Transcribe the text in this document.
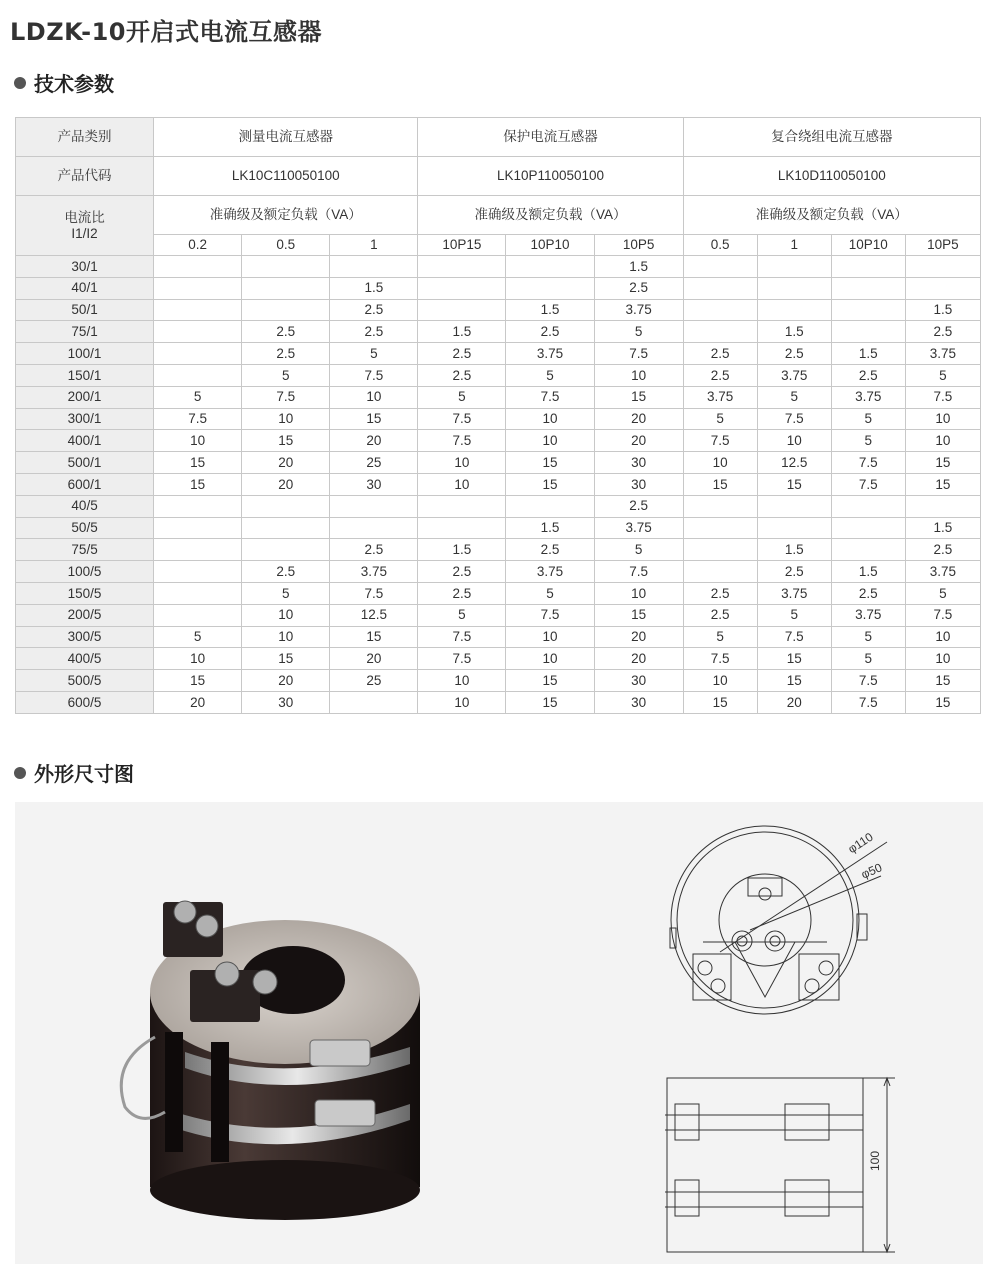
LDZK-10开启式电流互感器
技术参数
产品类别	测量电流互感器			保护电流互感器			复合绕组电流互感器			
产品代码	LK10C110050100			LK10P110050100			LK10D110050100			
电流比
I1/I2	准确级及额定负载（VA）			准确级及额定负载（VA）			准确级及额定负载（VA）			
	0.2	0.5	1	10P15	10P10	10P5	0.5	1	10P10	10P5
30/1						1.5				
40/1			1.5			2.5				
50/1			2.5		1.5	3.75				1.5
75/1		2.5	2.5	1.5	2.5	5		1.5		2.5
100/1		2.5	5	2.5	3.75	7.5	2.5	2.5	1.5	3.75
150/1		5	7.5	2.5	5	10	2.5	3.75	2.5	5
200/1	5	7.5	10	5	7.5	15	3.75	5	3.75	7.5
300/1	7.5	10	15	7.5	10	20	5	7.5	5	10
400/1	10	15	20	7.5	10	20	7.5	10	5	10
500/1	15	20	25	10	15	30	10	12.5	7.5	15
600/1	15	20	30	10	15	30	15	15	7.5	15
40/5						2.5				
50/5					1.5	3.75				1.5
75/5			2.5	1.5	2.5	5		1.5		2.5
100/5		2.5	3.75	2.5	3.75	7.5		2.5	1.5	3.75
150/5		5	7.5	2.5	5	10	2.5	3.75	2.5	5
200/5		10	12.5	5	7.5	15	2.5	5	3.75	7.5
300/5	5	10	15	7.5	10	20	5	7.5	5	10
400/5	10	15	20	7.5	10	20	7.5	15	5	10
500/5	15	20	25	10	15	30	10	15	7.5	15
600/5	20	30		10	15	30	15	20	7.5	15
外形尺寸图
φ110
φ50
100
